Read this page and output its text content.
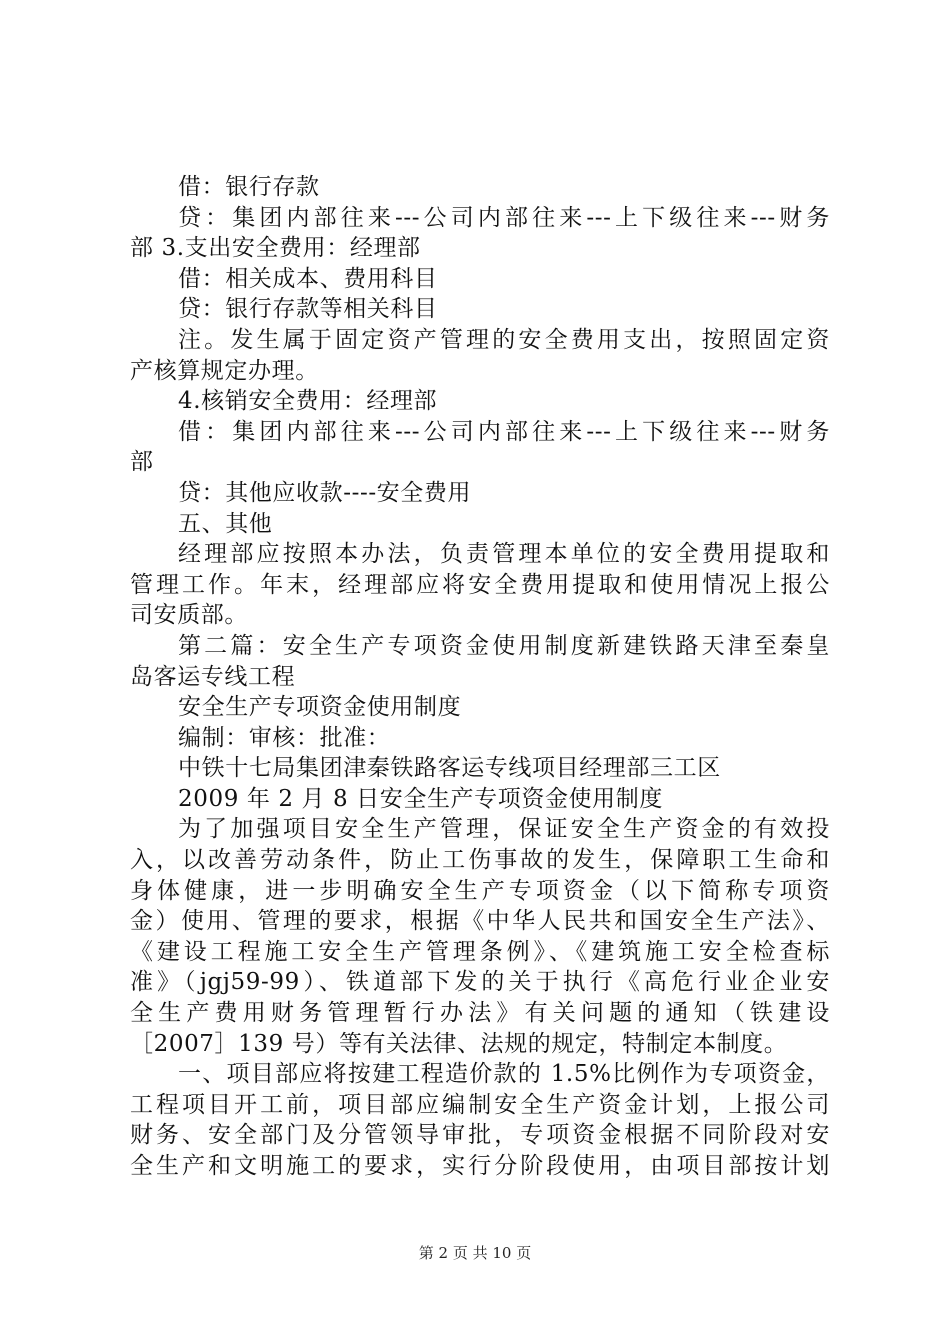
借：银行存款
贷：集团内部往来---公司内部往来---上下级往来---财务
部 3.支出安全费用：经理部
借：相关成本、费用科目
贷：银行存款等相关科目
注。发生属于固定资产管理的安全费用支出，按照固定资
产核算规定办理。
4.核销安全费用：经理部
借：集团内部往来---公司内部往来---上下级往来---财务
部
贷：其他应收款----安全费用
五、其他
经理部应按照本办法，负责管理本单位的安全费用提取和
管理工作。年末，经理部应将安全费用提取和使用情况上报公
司安质部。
第二篇：安全生产专项资金使用制度新建铁路天津至秦皇
岛客运专线工程
安全生产专项资金使用制度
编制：审核：批准：
中铁十七局集团津秦铁路客运专线项目经理部三工区
2009 年 2 月 8 日安全生产专项资金使用制度
为了加强项目安全生产管理，保证安全生产资金的有效投
入，以改善劳动条件，防止工伤事故的发生，保障职工生命和
身体健康，进一步明确安全生产专项资金（以下简称专项资
金）使用、管理的要求，根据《中华人民共和国安全生产法》、
《建设工程施工安全生产管理条例》、《建筑施工安全检查标
准》（jgj59-99）、铁道部下发的关于执行《高危行业企业安
全生产费用财务管理暂行办法》有关问题的通知（铁建设
［2007］139 号）等有关法律、法规的规定，特制定本制度。
一、项目部应将按建工程造价款的 1.5%比例作为专项资金，
工程项目开工前，项目部应编制安全生产资金计划，上报公司
财务、安全部门及分管领导审批，专项资金根据不同阶段对安
全生产和文明施工的要求，实行分阶段使用，由项目部按计划
第 2 页 共 10 页
